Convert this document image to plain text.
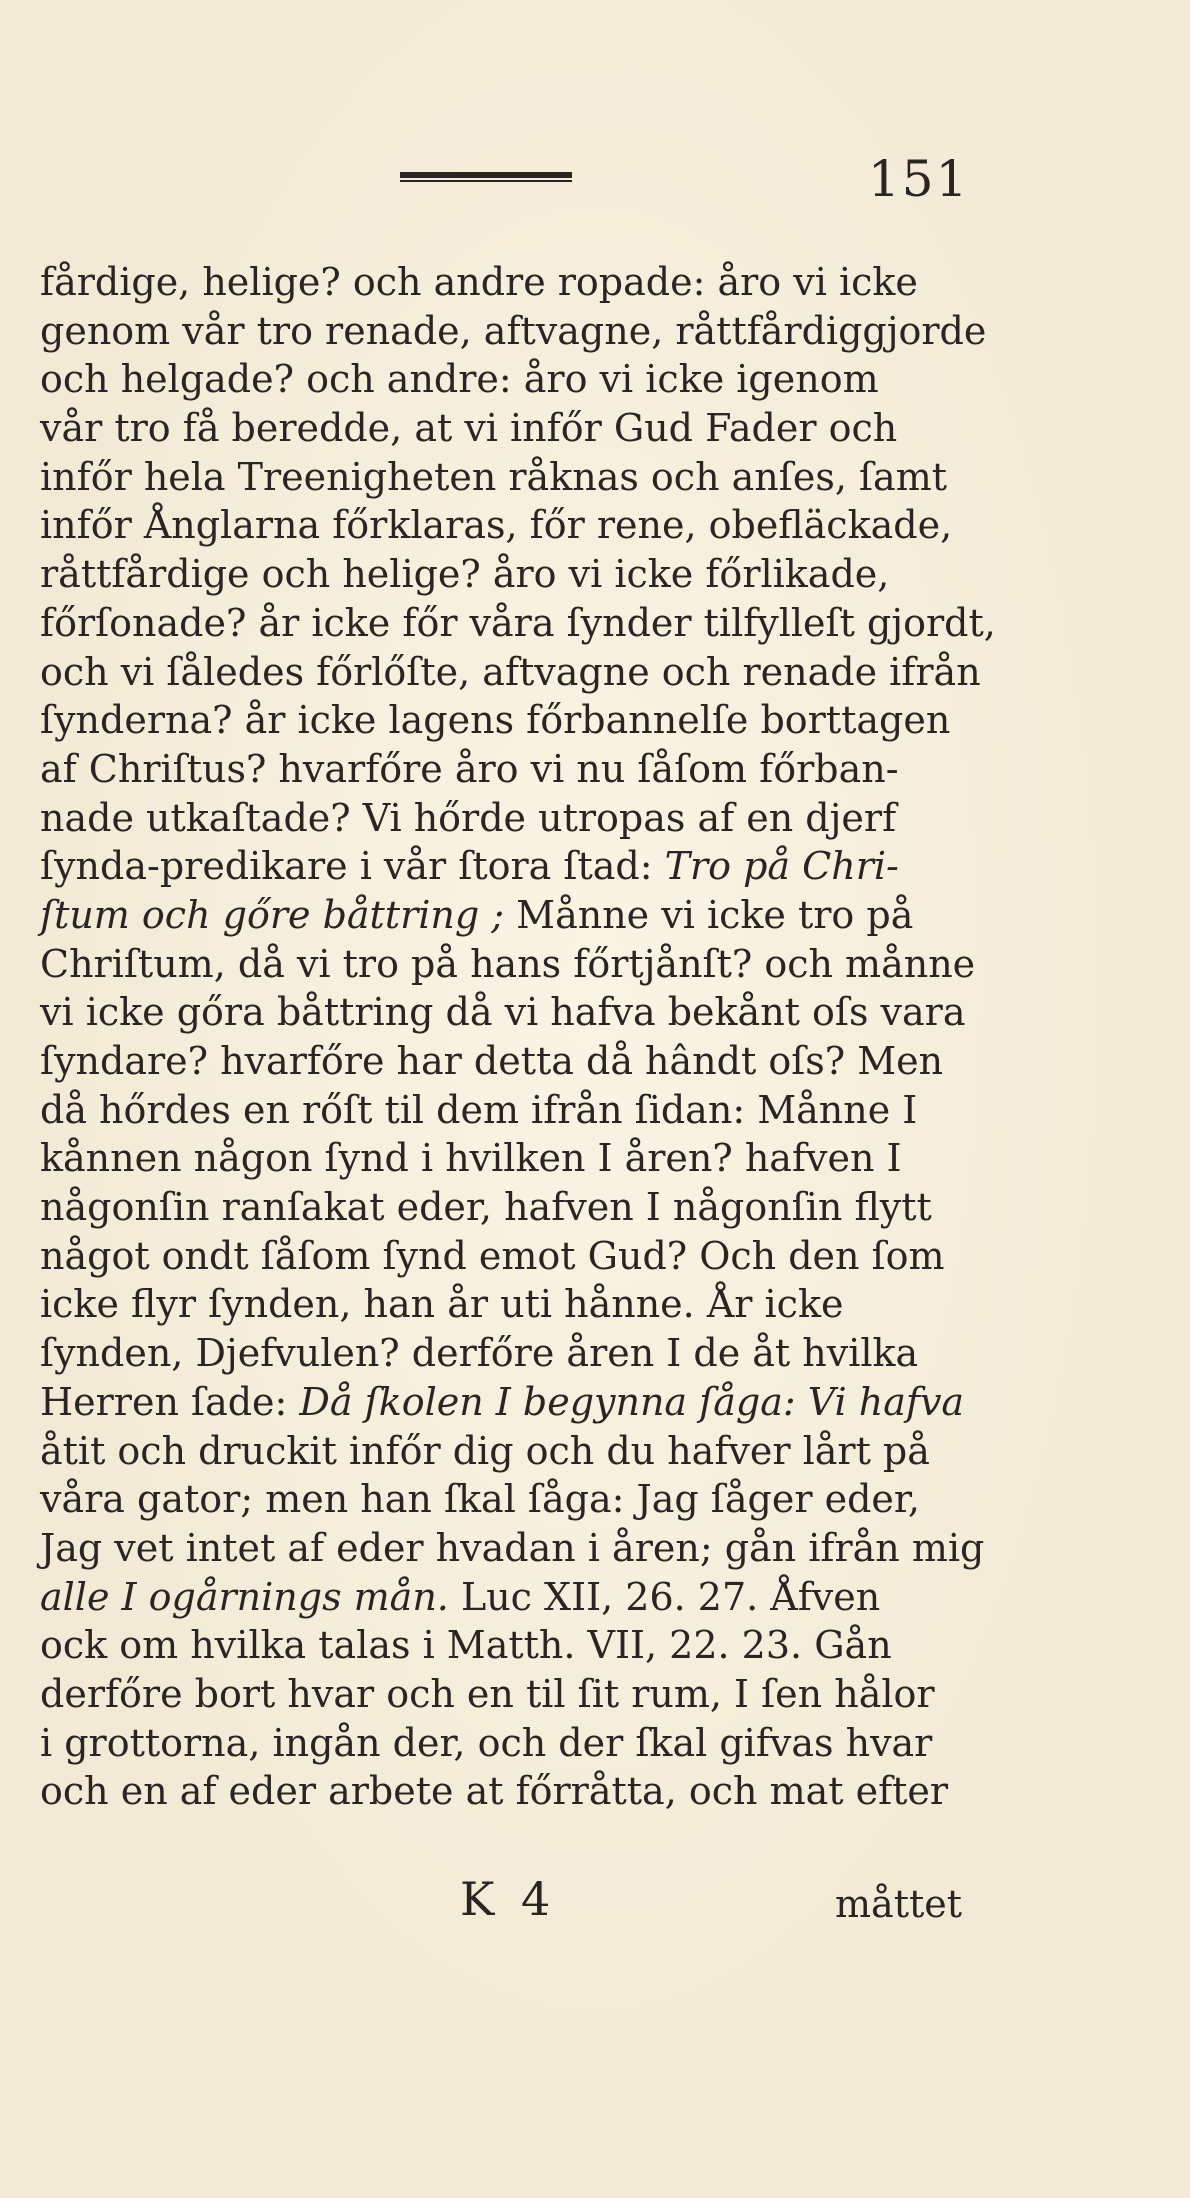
151
fårdige, helige? och andre ropade: åro vi icke
genom vår tro renade, aftvagne, råttfårdiggjorde
och helgade? och andre: åro vi icke igenom
vår tro få beredde, at vi infőr Gud Fader och
infőr hela Treenigheten råknas och anſes, ſamt
infőr Ånglarna főrklaras, főr rene, obefläckade,
råttfårdige och helige? åro vi icke főrlikade,
főrſonade? år icke főr våra ſynder tilfylleſt gjordt,
och vi ſåledes főrlőſte, aftvagne och renade ifrån
ſynderna? år icke lagens főrbannelſe borttagen
af Chriſtus? hvarfőre åro vi nu ſåſom főrban-
nade utkaſtade? Vi hőrde utropas af en djerf
ſynda-predikare i vår ſtora ſtad: Tro på Chri-
ſtum och gőre båttring ; Månne vi icke tro på
Chriſtum, då vi tro på hans főrtjånſt? och månne
vi icke gőra båttring då vi hafva bekånt oſs vara
ſyndare? hvarfőre har detta då hândt oſs? Men
då hőrdes en rőſt til dem ifrån ſidan: Månne I
kånnen någon ſynd i hvilken I åren? hafven I
någonſin ranſakat eder, hafven I någonſin flytt
något ondt ſåſom ſynd emot Gud? Och den ſom
icke flyr ſynden, han år uti hånne. År icke
ſynden, Djefvulen? derfőre åren I de åt hvilka
Herren ſade: Då ſkolen I begynna ſåga: Vi hafva
åtit och druckit infőr dig och du hafver lårt på
våra gator; men han ſkal ſåga: Jag ſåger eder,
Jag vet intet af eder hvadan i åren; gån ifrån mig
alle I ogårnings mån. Luc XII, 26. 27. Åfven
ock om hvilka talas i Matth. VII, 22. 23. Gån
derfőre bort hvar och en til ſit rum, I ſen hålor
i grottorna, ingån der, och der ſkal gifvas hvar
och en af eder arbete at főrråtta, och mat efter
K 4	måttet
